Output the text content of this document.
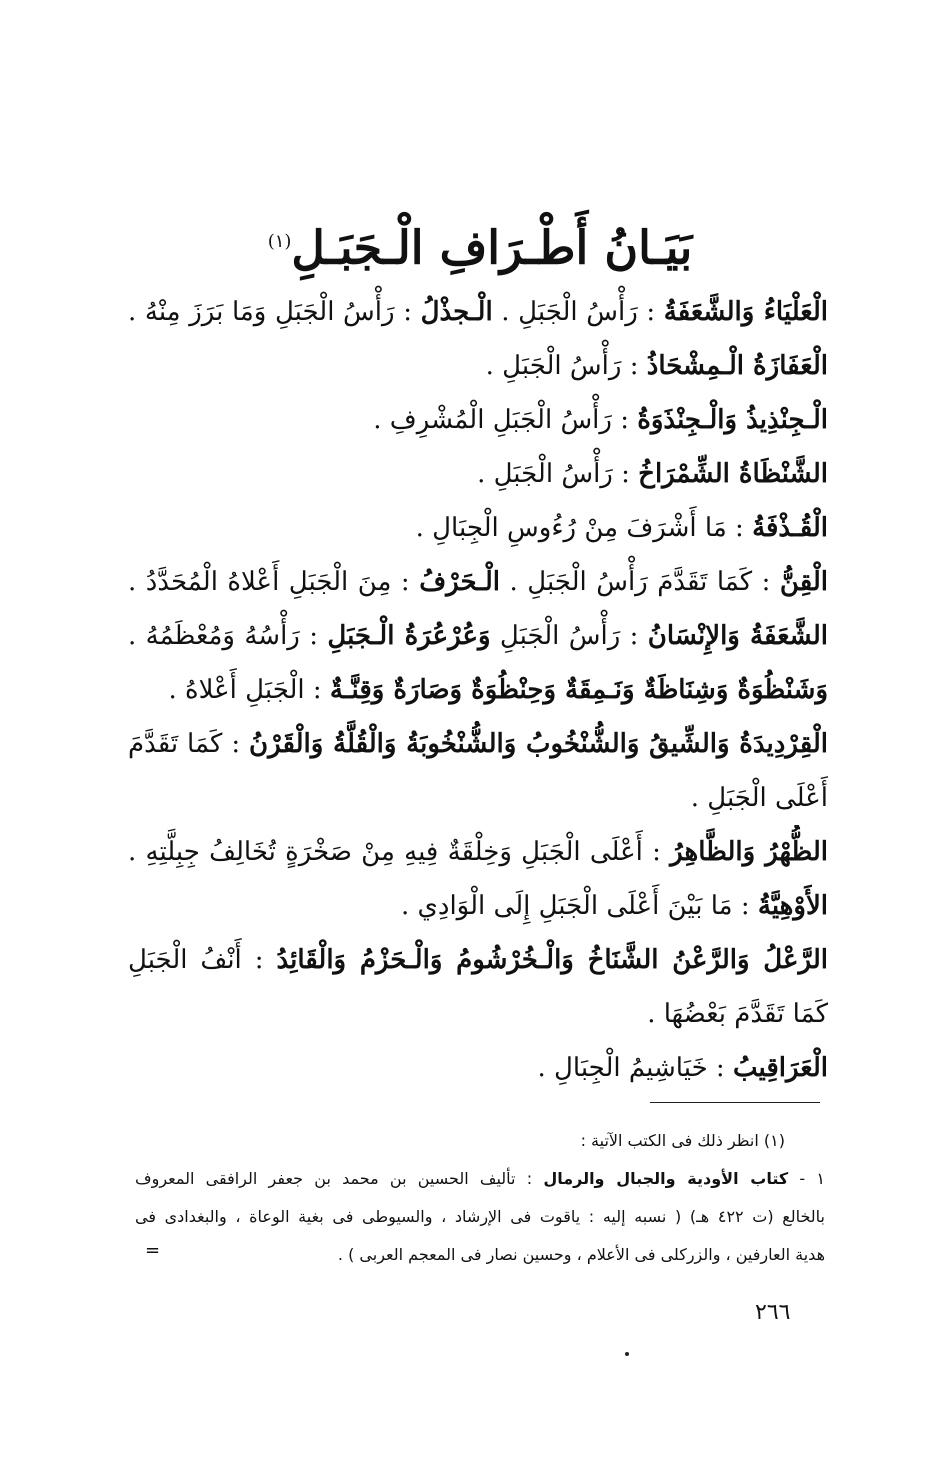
بَيَـانُ أَطْـرَافِ الْـجَبَـلِ$^{(١)}$
الْعَلْيَاءُ وَالشَّعَفَةُ : رَأْسُ الْجَبَلِ . الْـجذْلُ : رَأْسُ الْجَبَلِ وَمَا بَرَزَ مِنْهُ .
الْعَفَازَةُ الْـمِشْحَاذُ : رَأْسُ الْجَبَلِ .
الْـجِنْذِيذُ وَالْـجِنْذَوَةُ : رَأْسُ الْجَبَلِ الْمُشْرِفِ .
الشَّنْظَاةُ الشِّمْرَاخُ : رَأْسُ الْجَبَلِ .
الْقُـذْفَةُ : مَا أَشْرَفَ مِنْ رُءُوسِ الْجِبَالِ .
الْقِنُّ : كَمَا تَقَدَّمَ رَأْسُ الْجَبَلِ . الْـحَرْفُ : مِنَ الْجَبَلِ أَعْلاهُ الْمُحَدَّدُ .
الشَّعَفَةُ وَالإِنْسَانُ : رَأْسُ الْجَبَلِ وَعُرْعُرَةُ الْـجَبَلِ : رَأْسُهُ وَمُعْظَمُهُ .
وَشَنْظُوَةٌ وَشِنَاظَةٌ وَنَـمِقَةٌ وَحِنْظُوَةٌ وَصَارَةٌ وَقِنَّـةٌ : الْجَبَلِ أَعْلاهُ .
الْقِرْدِيدَةُ وَالشِّيقُ وَالشُّنْخُوبُ وَالشُّنْخُوبَةُ وَالْقُلَّةُ وَالْقَرْنُ : كَمَا تَقَدَّمَ
أَعْلَى الْجَبَلِ .
الظُّهْرُ وَالظَّاهِرُ : أَعْلَى الْجَبَلِ وَخِلْقَةٌ فِيهِ مِنْ صَخْرَةٍ تُخَالِفُ جِبِلَّتِهِ .
الأَوْهِيَّةُ : مَا بَيْنَ أَعْلَى الْجَبَلِ إِلَى الْوَادِي .
الرَّعْلُ وَالرَّعْنُ الشَّنَاخُ وَالْـخُرْشُومُ وَالْـحَزْمُ وَالْقَائِدُ : أَنْفُ الْجَبَلِ
كَمَا تَقَدَّمَ بَعْضُهَا .
الْعَرَاقِيبُ : خَيَاشِيمُ الْجِبَالِ .
(١) انظر ذلك فى الكتب الآتية :
١ - كتاب الأودية والجبال والرمال : تأليف الحسين بن محمد بن جعفر الرافقى المعروف
بالخالع (ت ٤٢٢ هـ) ( نسبه إليه : ياقوت فى الإرشاد ، والسيوطى فى بغية الوعاة ، والبغدادى فى
هدية العارفين ، والزركلى فى الأعلام ، وحسين نصار فى المعجم العربى ) .
=
٢٦٦
